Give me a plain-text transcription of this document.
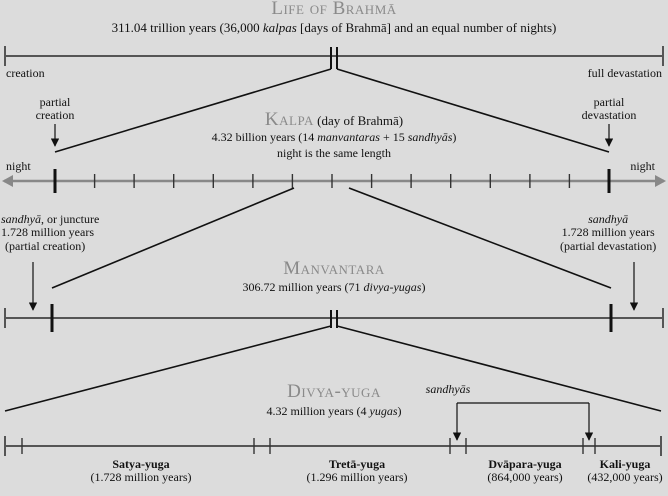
Life of Brahmā
311.04 trillion years (36,000 kalpas [days of Brahmā] and an equal number of nights)
creation	full devastation
partial
creation
partial
devastation
Kalpa (day of Brahmā)
4.32 billion years (14 manvantaras + 15 sandhyās)
night is the same length
night	night
sandhyā, or juncture
1.728 million years
(partial creation)
sandhyā
1.728 million years
(partial devastation)
Manvantara
306.72 million years (71 divya-yugas)
Divya-yuga
4.32 million years (4 yugas)
sandhyās
Satya-yuga
(1.728 million years)
Tretā-yuga
(1.296 million years)
Dvāpara-yuga
(864,000 years)
Kali-yuga
(432,000 years)
